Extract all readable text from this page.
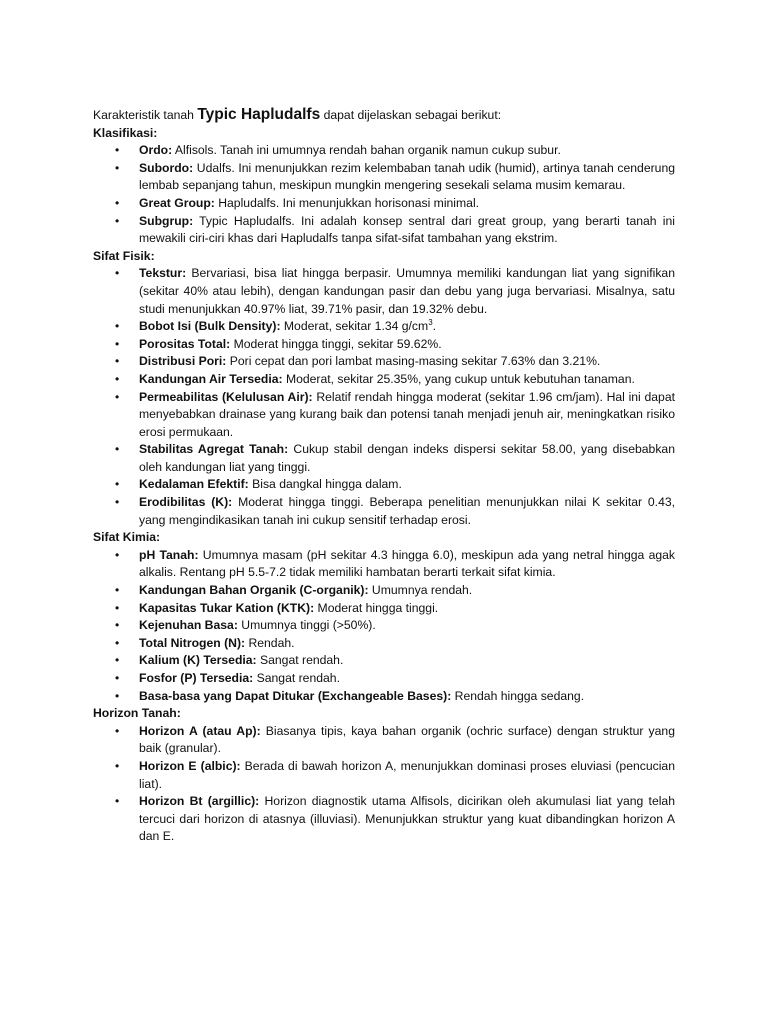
Karakteristik tanah Typic Hapludalfs dapat dijelaskan sebagai berikut:

Klasifikasi:

• Ordo: Alfisols. Tanah ini umumnya rendah bahan organik namun cukup subur.
• Subordo: Udalfs. Ini menunjukkan rezim kelembaban tanah udik (humid), artinya tanah cenderung lembab sepanjang tahun, meskipun mungkin mengering sesekali selama musim kemarau.
• Great Group: Hapludalfs. Ini menunjukkan horisonasi minimal.
• Subgrup: Typic Hapludalfs. Ini adalah konsep sentral dari great group, yang berarti tanah ini mewakili ciri-ciri khas dari Hapludalfs tanpa sifat-sifat tambahan yang ekstrim.

Sifat Fisik:

• Tekstur: Bervariasi, bisa liat hingga berpasir. Umumnya memiliki kandungan liat yang signifikan (sekitar 40% atau lebih), dengan kandungan pasir dan debu yang juga bervariasi. Misalnya, satu studi menunjukkan 40.97% liat, 39.71% pasir, dan 19.32% debu.
• Bobot Isi (Bulk Density): Moderat, sekitar 1.34 $g/cm^3$.
• Porositas Total: Moderat hingga tinggi, sekitar 59.62%.
• Distribusi Pori: Pori cepat dan pori lambat masing-masing sekitar 7.63% dan 3.21%.
• Kandungan Air Tersedia: Moderat, sekitar 25.35%, yang cukup untuk kebutuhan tanaman.
• Permeabilitas (Kelulusan Air): Relatif rendah hingga moderat (sekitar 1.96 cm/jam). Hal ini dapat menyebabkan drainase yang kurang baik dan potensi tanah menjadi jenuh air, meningkatkan risiko erosi permukaan.
• Stabilitas Agregat Tanah: Cukup stabil dengan indeks dispersi sekitar 58.00, yang disebabkan oleh kandungan liat yang tinggi.
• Kedalaman Efektif: Bisa dangkal hingga dalam.
• Erodibilitas (K): Moderat hingga tinggi. Beberapa penelitian menunjukkan nilai K sekitar 0.43, yang mengindikasikan tanah ini cukup sensitif terhadap erosi.

Sifat Kimia:

• pH Tanah: Umumnya masam (pH sekitar 4.3 hingga 6.0), meskipun ada yang netral hingga agak alkalis. Rentang pH 5.5-7.2 tidak memiliki hambatan berarti terkait sifat kimia.
• Kandungan Bahan Organik (C-organik): Umumnya rendah.
• Kapasitas Tukar Kation (KTK): Moderat hingga tinggi.
• Kejenuhan Basa: Umumnya tinggi (>50%).
• Total Nitrogen (N): Rendah.
• Kalium (K) Tersedia: Sangat rendah.
• Fosfor (P) Tersedia: Sangat rendah.
• Basa-basa yang Dapat Ditukar (Exchangeable Bases): Rendah hingga sedang.

Horizon Tanah:

• Horizon A (atau Ap): Biasanya tipis, kaya bahan organik (ochric surface) dengan struktur yang baik (granular).
• Horizon E (albic): Berada di bawah horizon A, menunjukkan dominasi proses eluviasi (pencucian liat).
• Horizon Bt (argillic): Horizon diagnostik utama Alfisols, dicirikan oleh akumulasi liat yang telah tercuci dari horizon di atasnya (illuviasi). Menunjukkan struktur yang kuat dibandingkan horizon A dan E.
